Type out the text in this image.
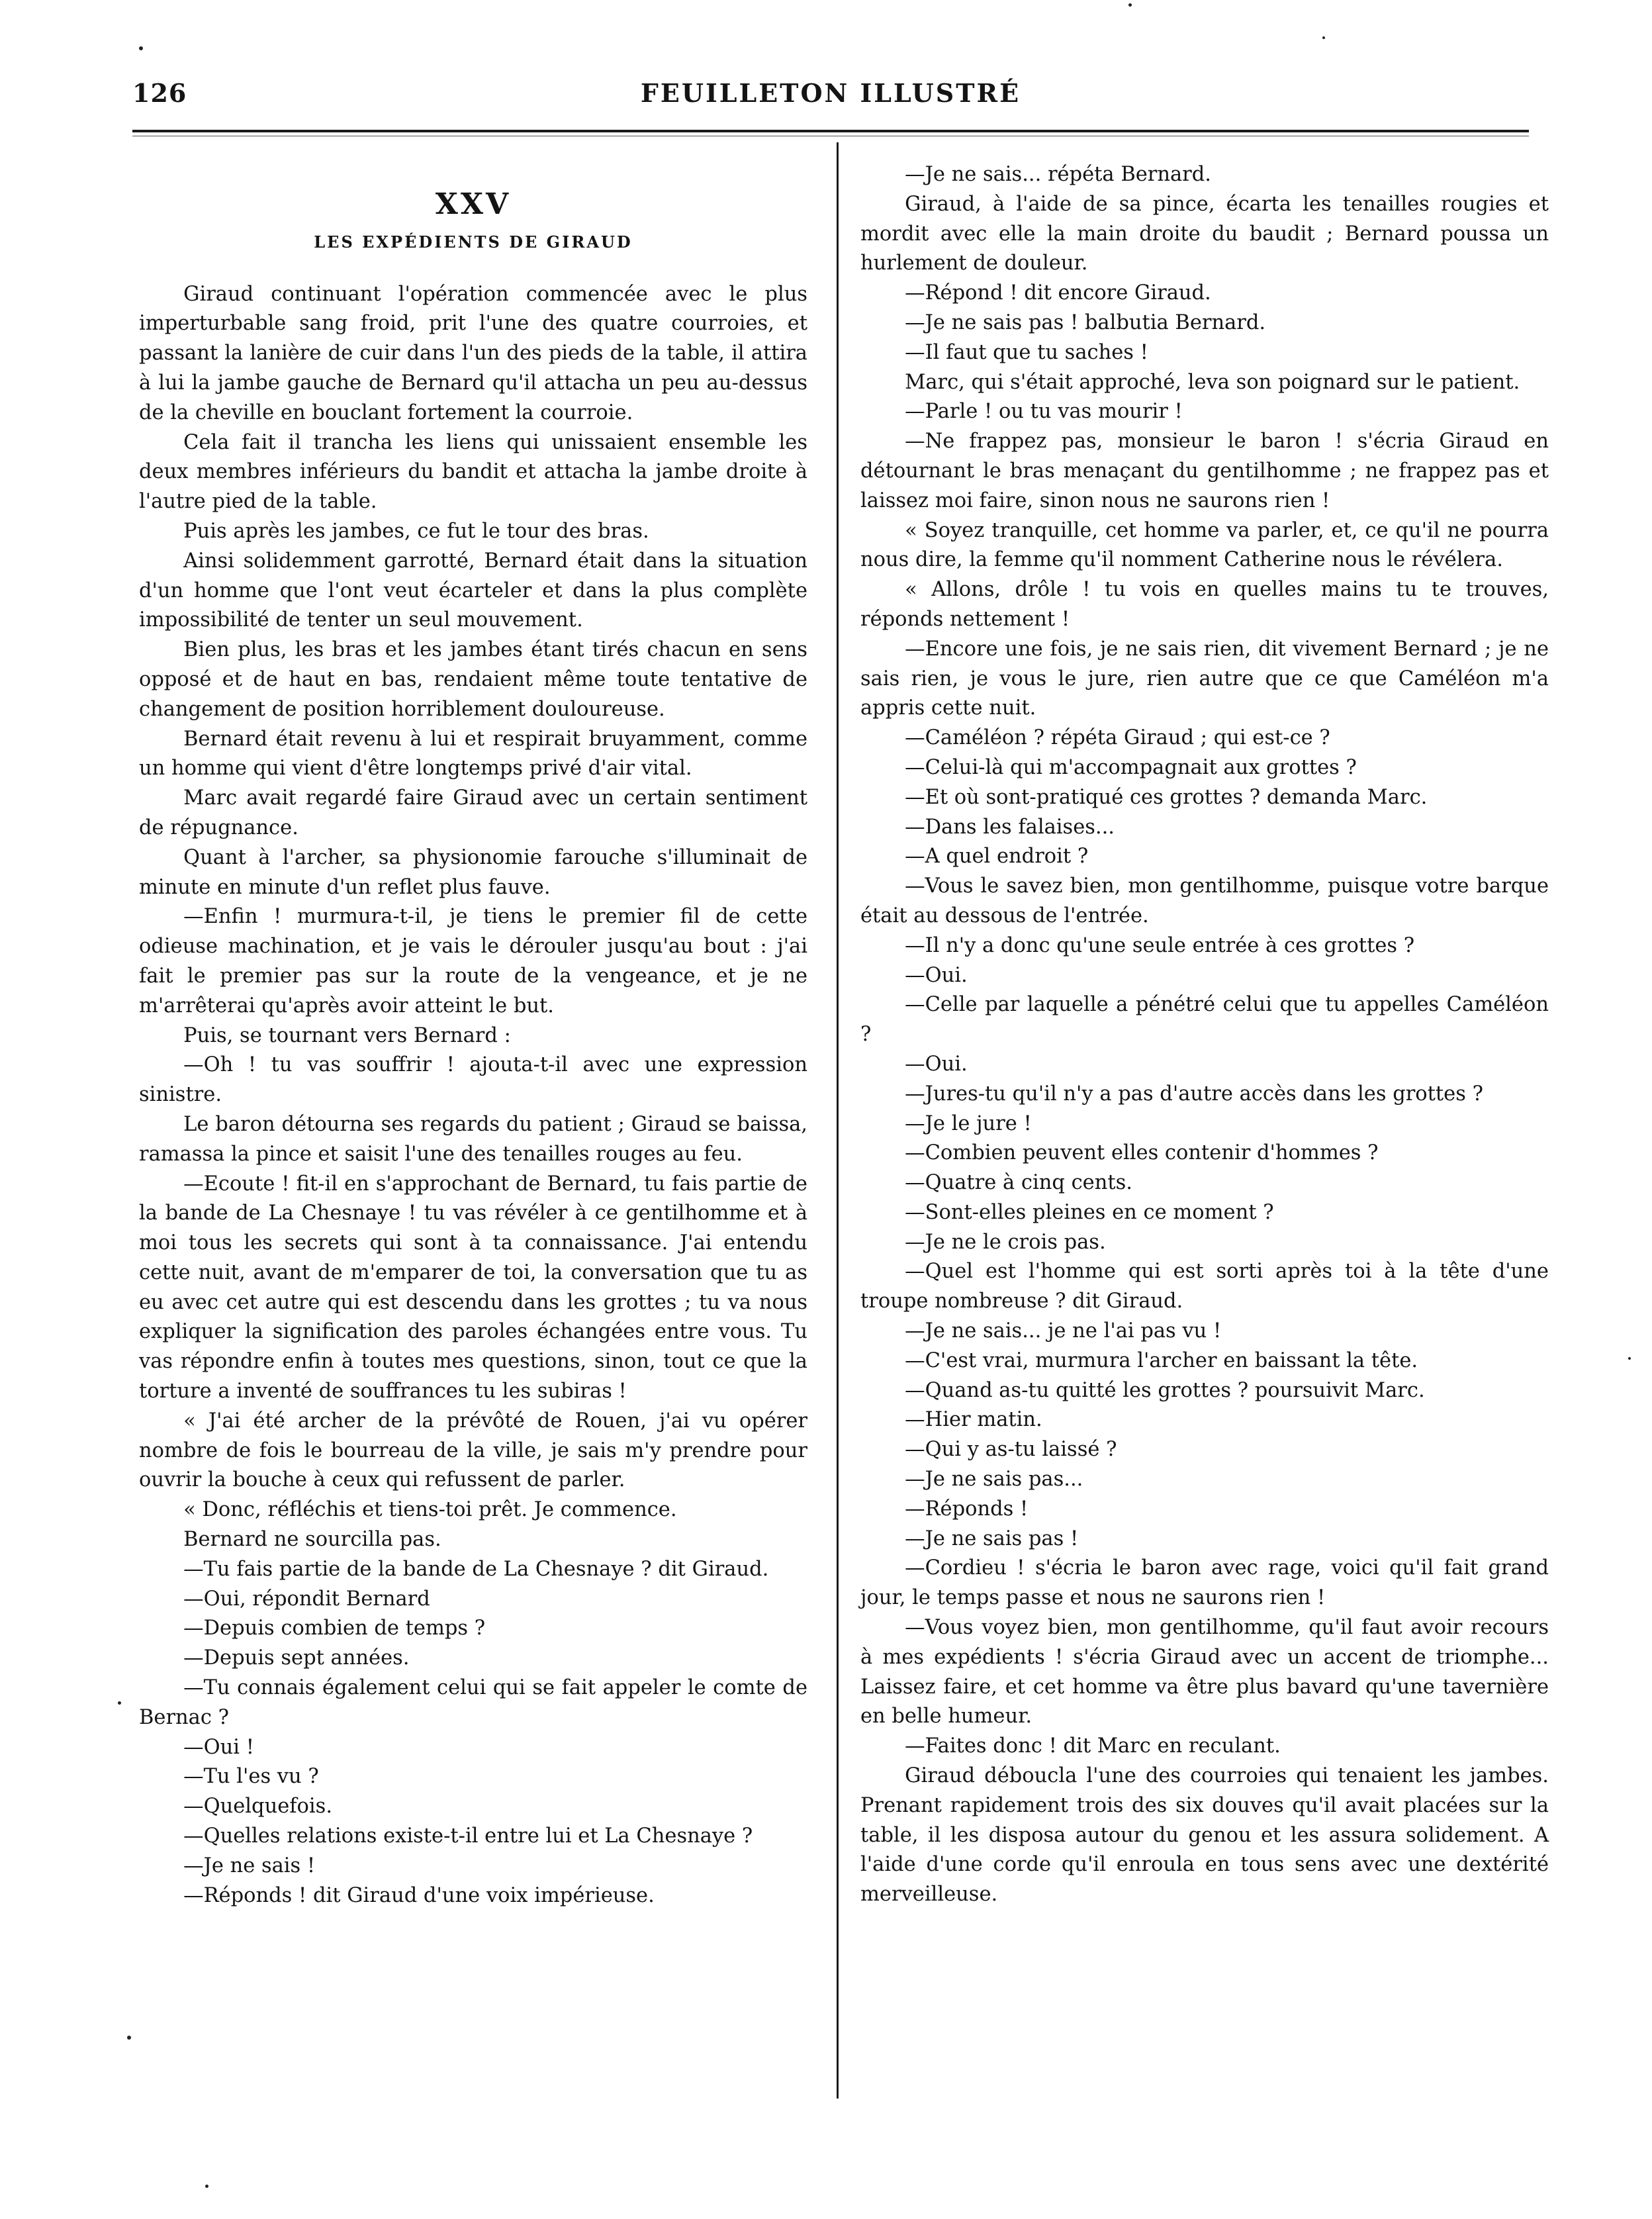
126	FEUILLETON ILLUSTRÉ
XXV
LES EXPÉDIENTS DE GIRAUD

Giraud continuant l'opération commencée avec le plus imperturbable sang froid, prit l'une des quatre courroies, et passant la lanière de cuir dans l'un des pieds de la table, il attira à lui la jambe gauche de Bernard qu'il attacha un peu au-dessus de la cheville en bouclant fortement la courroie.

Cela fait il trancha les liens qui unissaient ensemble les deux membres inférieurs du bandit et attacha la jambe droite à l'autre pied de la table.

Puis après les jambes, ce fut le tour des bras.

Ainsi solidemment garrotté, Bernard était dans la situation d'un homme que l'ont veut écarteler et dans la plus complète impossibilité de tenter un seul mouvement.

Bien plus, les bras et les jambes étant tirés chacun en sens opposé et de haut en bas, rendaient même toute tentative de changement de position horriblement douloureuse.

Bernard était revenu à lui et respirait bruyamment, comme un homme qui vient d'être longtemps privé d'air vital.

Marc avait regardé faire Giraud avec un certain sentiment de répugnance.

Quant à l'archer, sa physionomie farouche s'illuminait de minute en minute d'un reflet plus fauve.

—Enfin ! murmura-t-il, je tiens le premier fil de cette odieuse machination, et je vais le dérouler jusqu'au bout : j'ai fait le premier pas sur la route de la vengeance, et je ne m'arrêterai qu'après avoir atteint le but.

Puis, se tournant vers Bernard :

—Oh ! tu vas souffrir ! ajouta-t-il avec une expression sinistre.

Le baron détourna ses regards du patient ; Giraud se baissa, ramassa la pince et saisit l'une des tenailles rouges au feu.

—Ecoute ! fit-il en s'approchant de Bernard, tu fais partie de la bande de La Chesnaye ! tu vas révéler à ce gentilhomme et à moi tous les secrets qui sont à ta connaissance. J'ai entendu cette nuit, avant de m'emparer de toi, la conversation que tu as eu avec cet autre qui est descendu dans les grottes ; tu va nous expliquer la signification des paroles échangées entre vous. Tu vas répondre enfin à toutes mes questions, sinon, tout ce que la torture a inventé de souffrances tu les subiras !

« J'ai été archer de la prévôté de Rouen, j'ai vu opérer nombre de fois le bourreau de la ville, je sais m'y prendre pour ouvrir la bouche à ceux qui refussent de parler.

« Donc, réfléchis et tiens-toi prêt. Je commence.

Bernard ne sourcilla pas.

—Tu fais partie de la bande de La Chesnaye ? dit Giraud.

—Oui, répondit Bernard

—Depuis combien de temps ?

—Depuis sept années.

—Tu connais également celui qui se fait appeler le comte de Bernac ?

—Oui !

—Tu l'es vu ?

—Quelquefois.

—Quelles relations existe-t-il entre lui et La Chesnaye ?

—Je ne sais !

—Réponds ! dit Giraud d'une voix impérieuse.

—Je ne sais... répéta Bernard.

Giraud, à l'aide de sa pince, écarta les tenailles rougies et mordit avec elle la main droite du baudit ; Bernard poussa un hurlement de douleur.

—Répond ! dit encore Giraud.

—Je ne sais pas ! balbutia Bernard.

—Il faut que tu saches !

Marc, qui s'était approché, leva son poignard sur le patient.

—Parle ! ou tu vas mourir !

—Ne frappez pas, monsieur le baron ! s'écria Giraud en détournant le bras menaçant du gentilhomme ; ne frappez pas et laissez moi faire, sinon nous ne saurons rien !

« Soyez tranquille, cet homme va parler, et, ce qu'il ne pourra nous dire, la femme qu'il nomment Catherine nous le révélera.

« Allons, drôle ! tu vois en quelles mains tu te trouves, réponds nettement !

—Encore une fois, je ne sais rien, dit vivement Bernard ; je ne sais rien, je vous le jure, rien autre que ce que Caméléon m'a appris cette nuit.

—Caméléon ? répéta Giraud ; qui est-ce ?

—Celui-là qui m'accompagnait aux grottes ?

—Et où sont-pratiqué ces grottes ? demanda Marc.

—Dans les falaises...

—A quel endroit ?

—Vous le savez bien, mon gentilhomme, puisque votre barque était au dessous de l'entrée.

—Il n'y a donc qu'une seule entrée à ces grottes ?

—Oui.

—Celle par laquelle a pénétré celui que tu appelles Caméléon ?

—Oui.

—Jures-tu qu'il n'y a pas d'autre accès dans les grottes ?

—Je le jure !

—Combien peuvent elles contenir d'hommes ?

—Quatre à cinq cents.

—Sont-elles pleines en ce moment ?

—Je ne le crois pas.

—Quel est l'homme qui est sorti après toi à la tête d'une troupe nombreuse ? dit Giraud.

—Je ne sais... je ne l'ai pas vu !

—C'est vrai, murmura l'archer en baissant la tête.

—Quand as-tu quitté les grottes ? poursuivit Marc.

—Hier matin.

—Qui y as-tu laissé ?

—Je ne sais pas...

—Réponds !

—Je ne sais pas !

—Cordieu ! s'écria le baron avec rage, voici qu'il fait grand jour, le temps passe et nous ne saurons rien !

—Vous voyez bien, mon gentilhomme, qu'il faut avoir recours à mes expédients ! s'écria Giraud avec un accent de triomphe... Laissez faire, et cet homme va être plus bavard qu'une tavernière en belle humeur.

—Faites donc ! dit Marc en reculant.

Giraud déboucla l'une des courroies qui tenaient les jambes. Prenant rapidement trois des six douves qu'il avait placées sur la table, il les disposa autour du genou et les assura solidement. A l'aide d'une corde qu'il enroula en tous sens avec une dextérité merveilleuse.
